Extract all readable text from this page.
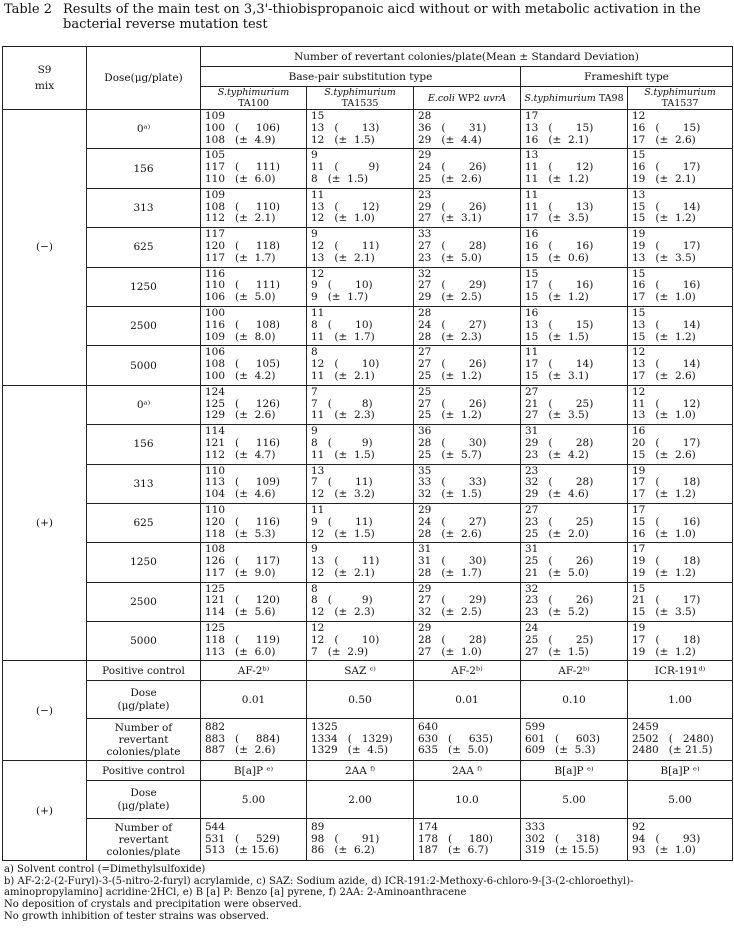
Table 2 Results of the main test on 3,3'-thiobispropanoic aicd without or with metabolic activation in the bacterial reverse mutation test
S9
mix	Dose(μg/plate)	Number of revertant colonies/plate(Mean ± Standard Deviation)				
		Base-pair substitution type			Frameshift type	
		S.typhimurium TA100	S.typhimurium TA1535	E.coli WP2 uvrA	S.typhimurium TA98	S.typhimurium TA1537
(−)	0ᵃ⁾	109
100   (     106)
108   (±  4.9)	15
13   (       13)
12   (±  1.5)	28
36   (       31)
29   (±  4.4)	17
13   (       15)
16   (±  2.1)	12
16   (       15)
17   (±  2.6)
	156	105
117   (     111)
110   (±  6.0)	9
11   (         9)
8   (±  1.5)	29
24   (       26)
25   (±  2.6)	13
11   (       12)
11   (±  1.2)	15
16   (       17)
19   (±  2.1)
	313	109
108   (     110)
112   (±  2.1)	11
13   (       12)
12   (±  1.0)	23
29   (       26)
27   (±  3.1)	11
11   (       13)
17   (±  3.5)	13
15   (       14)
15   (±  1.2)
	625	117
120   (     118)
117   (±  1.7)	9
12   (       11)
13   (±  2.1)	33
27   (       28)
23   (±  5.0)	16
16   (       16)
15   (±  0.6)	19
19   (       17)
13   (±  3.5)
	1250	116
110   (     111)
106   (±  5.0)	12
9   (       10)
9   (±  1.7)	32
27   (       29)
29   (±  2.5)	15
17   (       16)
15   (±  1.2)	15
16   (       16)
17   (±  1.0)
	2500	100
116   (     108)
109   (±  8.0)	11
8   (       10)
11   (±  1.7)	28
24   (       27)
28   (±  2.3)	16
13   (       15)
15   (±  1.5)	15
13   (       14)
15   (±  1.2)
	5000	106
108   (     105)
100   (±  4.2)	8
12   (       10)
11   (±  2.1)	27
27   (       26)
25   (±  1.2)	11
17   (       14)
15   (±  3.1)	12
13   (       14)
17   (±  2.6)
(+)	0ᵃ⁾	124
125   (     126)
129   (±  2.6)	7
7   (         8)
11   (±  2.3)	25
27   (       26)
25   (±  1.2)	27
21   (       25)
27   (±  3.5)	12
11   (       12)
13   (±  1.0)
	156	114
121   (     116)
112   (±  4.7)	9
8   (         9)
11   (±  1.5)	36
28   (       30)
25   (±  5.7)	31
29   (       28)
23   (±  4.2)	16
20   (       17)
15   (±  2.6)
	313	110
113   (     109)
104   (±  4.6)	13
7   (       11)
12   (±  3.2)	35
33   (       33)
32   (±  1.5)	23
32   (       28)
29   (±  4.6)	19
17   (       18)
17   (±  1.2)
	625	110
120   (     116)
118   (±  5.3)	11
9   (       11)
12   (±  1.5)	29
24   (       27)
28   (±  2.6)	27
23   (       25)
25   (±  2.0)	17
15   (       16)
16   (±  1.0)
	1250	108
126   (     117)
117   (±  9.0)	9
13   (       11)
12   (±  2.1)	31
31   (       30)
28   (±  1.7)	31
25   (       26)
21   (±  5.0)	17
19   (       18)
19   (±  1.2)
	2500	125
121   (     120)
114   (±  5.6)	8
8   (         9)
12   (±  2.3)	29
27   (       29)
32   (±  2.5)	32
23   (       26)
23   (±  5.2)	15
21   (       17)
15   (±  3.5)
	5000	125
118   (     119)
113   (±  6.0)	12
12   (       10)
7   (±  2.9)	29
28   (       28)
27   (±  1.0)	24
25   (       25)
27   (±  1.5)	19
17   (       18)
19   (±  1.2)
(−)	Positive control	AF-2ᵇ⁾	SAZ ᶜ⁾	AF-2ᵇ⁾	AF-2ᵇ⁾	ICR-191ᵈ⁾
	Dose
(μg/plate)	0.01	0.50	0.01	0.10	1.00
	Number of
revertant
colonies/plate	882
883   (     884)
887   (±  2.6)	1325
1334   (   1329)
1329   (±  4.5)	640
630   (     635)
635   (±  5.0)	599
601   (     603)
609   (±  5.3)	2459
2502   (   2480)
2480   (± 21.5)
(+)	Positive control	B[a]P ᵉ⁾	2AA ᶠ⁾	2AA ᶠ⁾	B[a]P ᵉ⁾	B[a]P ᵉ⁾
	Dose
(μg/plate)	5.00	2.00	10.0	5.00	5.00
	Number of
revertant
colonies/plate	544
531   (     529)
513   (± 15.6)	89
98   (       91)
86   (±  6.2)	174
178   (     180)
187   (±  6.7)	333
302   (     318)
319   (± 15.5)	92
94   (       93)
93   (±  1.0)
a) Solvent control (=Dimethylsulfoxide)
b) AF-2:2-(2-Furyl)-3-(5-nitro-2-furyl) acrylamide, c) SAZ: Sodium azide, d) ICR-191:2-Methoxy-6-chloro-9-[3-(2-chloroethyl)-
aminopropylamino] acridine·2HCl, e) B [a] P: Benzo [a] pyrene, f) 2AA: 2-Aminoanthracene
No deposition of crystals and precipitation were observed.
No growth inhibition of tester strains was observed.
